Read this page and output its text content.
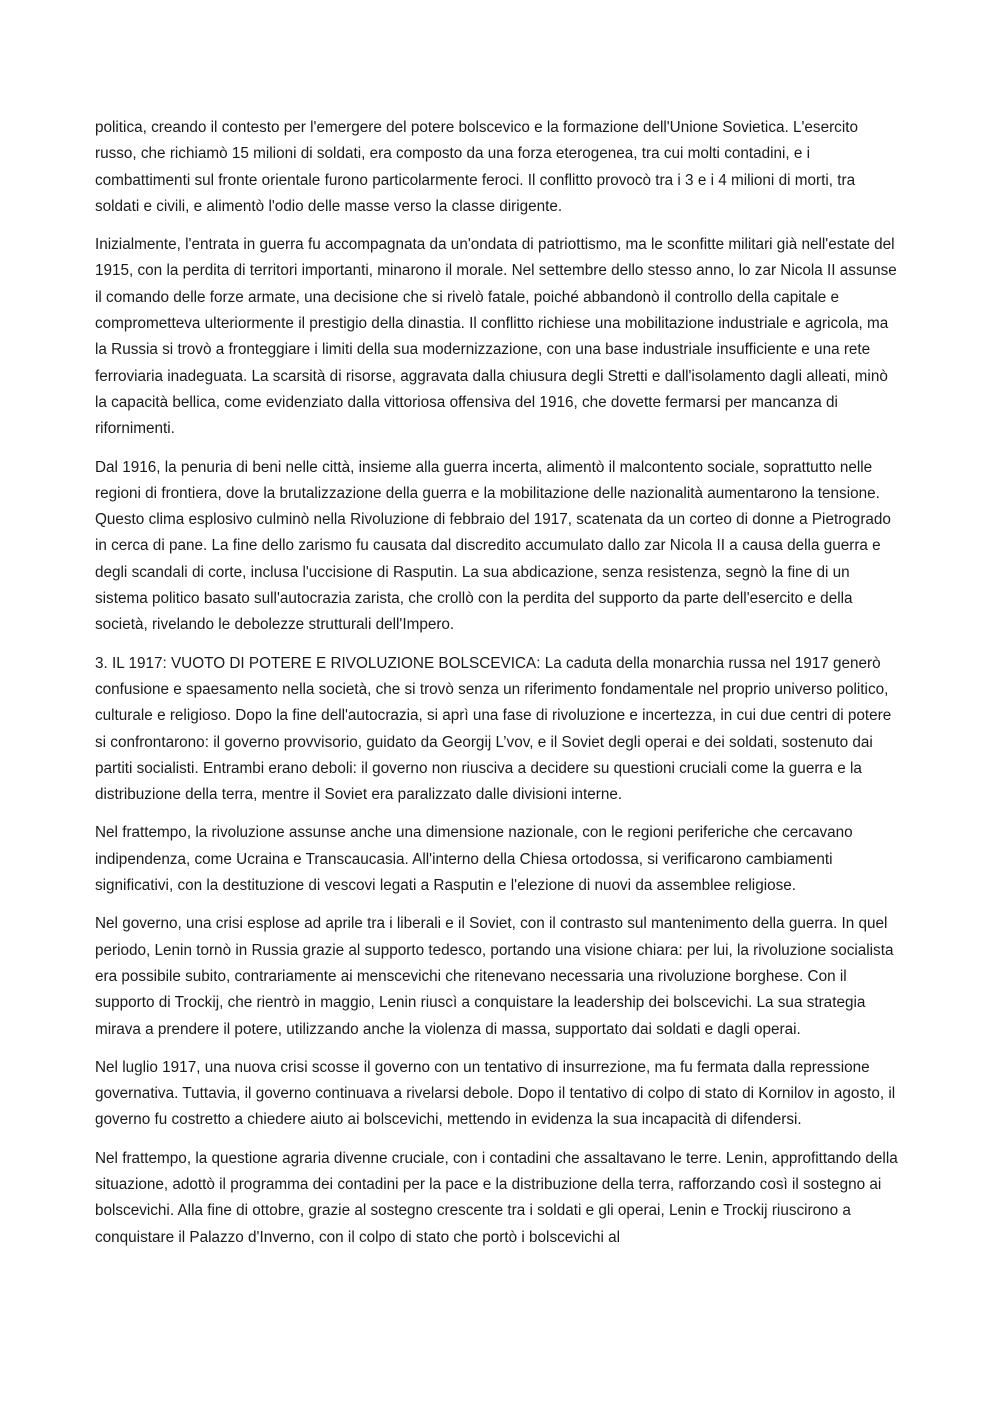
politica, creando il contesto per l'emergere del potere bolscevico e la formazione dell'Unione Sovietica. L'esercito russo, che richiamò 15 milioni di soldati, era composto da una forza eterogenea, tra cui molti contadini, e i combattimenti sul fronte orientale furono particolarmente feroci. Il conflitto provocò tra i 3 e i 4 milioni di morti, tra soldati e civili, e alimentò l'odio delle masse verso la classe dirigente.

Inizialmente, l'entrata in guerra fu accompagnata da un'ondata di patriottismo, ma le sconfitte militari già nell'estate del 1915, con la perdita di territori importanti, minarono il morale. Nel settembre dello stesso anno, lo zar Nicola II assunse il comando delle forze armate, una decisione che si rivelò fatale, poiché abbandonò il controllo della capitale e comprometteva ulteriormente il prestigio della dinastia. Il conflitto richiese una mobilitazione industriale e agricola, ma la Russia si trovò a fronteggiare i limiti della sua modernizzazione, con una base industriale insufficiente e una rete ferroviaria inadeguata. La scarsità di risorse, aggravata dalla chiusura degli Stretti e dall'isolamento dagli alleati, minò la capacità bellica, come evidenziato dalla vittoriosa offensiva del 1916, che dovette fermarsi per mancanza di rifornimenti.

Dal 1916, la penuria di beni nelle città, insieme alla guerra incerta, alimentò il malcontento sociale, soprattutto nelle regioni di frontiera, dove la brutalizzazione della guerra e la mobilitazione delle nazionalità aumentarono la tensione. Questo clima esplosivo culminò nella Rivoluzione di febbraio del 1917, scatenata da un corteo di donne a Pietrogrado in cerca di pane. La fine dello zarismo fu causata dal discredito accumulato dallo zar Nicola II a causa della guerra e degli scandali di corte, inclusa l'uccisione di Rasputin. La sua abdicazione, senza resistenza, segnò la fine di un sistema politico basato sull'autocrazia zarista, che crollò con la perdita del supporto da parte dell'esercito e della società, rivelando le debolezze strutturali dell'Impero.

3. IL 1917: VUOTO DI POTERE E RIVOLUZIONE BOLSCEVICA: La caduta della monarchia russa nel 1917 generò confusione e spaesamento nella società, che si trovò senza un riferimento fondamentale nel proprio universo politico, culturale e religioso. Dopo la fine dell'autocrazia, si aprì una fase di rivoluzione e incertezza, in cui due centri di potere si confrontarono: il governo provvisorio, guidato da Georgij L’vov, e il Soviet degli operai e dei soldati, sostenuto dai partiti socialisti. Entrambi erano deboli: il governo non riusciva a decidere su questioni cruciali come la guerra e la distribuzione della terra, mentre il Soviet era paralizzato dalle divisioni interne.

Nel frattempo, la rivoluzione assunse anche una dimensione nazionale, con le regioni periferiche che cercavano indipendenza, come Ucraina e Transcaucasia. All'interno della Chiesa ortodossa, si verificarono cambiamenti significativi, con la destituzione di vescovi legati a Rasputin e l'elezione di nuovi da assemblee religiose.

Nel governo, una crisi esplose ad aprile tra i liberali e il Soviet, con il contrasto sul mantenimento della guerra. In quel periodo, Lenin tornò in Russia grazie al supporto tedesco, portando una visione chiara: per lui, la rivoluzione socialista era possibile subito, contrariamente ai menscevichi che ritenevano necessaria una rivoluzione borghese. Con il supporto di Trockij, che rientrò in maggio, Lenin riuscì a conquistare la leadership dei bolscevichi. La sua strategia mirava a prendere il potere, utilizzando anche la violenza di massa, supportato dai soldati e dagli operai.

Nel luglio 1917, una nuova crisi scosse il governo con un tentativo di insurrezione, ma fu fermata dalla repressione governativa. Tuttavia, il governo continuava a rivelarsi debole. Dopo il tentativo di colpo di stato di Kornilov in agosto, il governo fu costretto a chiedere aiuto ai bolscevichi, mettendo in evidenza la sua incapacità di difendersi.

Nel frattempo, la questione agraria divenne cruciale, con i contadini che assaltavano le terre. Lenin, approfittando della situazione, adottò il programma dei contadini per la pace e la distribuzione della terra, rafforzando così il sostegno ai bolscevichi. Alla fine di ottobre, grazie al sostegno crescente tra i soldati e gli operai, Lenin e Trockij riuscirono a conquistare il Palazzo d'Inverno, con il colpo di stato che portò i bolscevichi al
